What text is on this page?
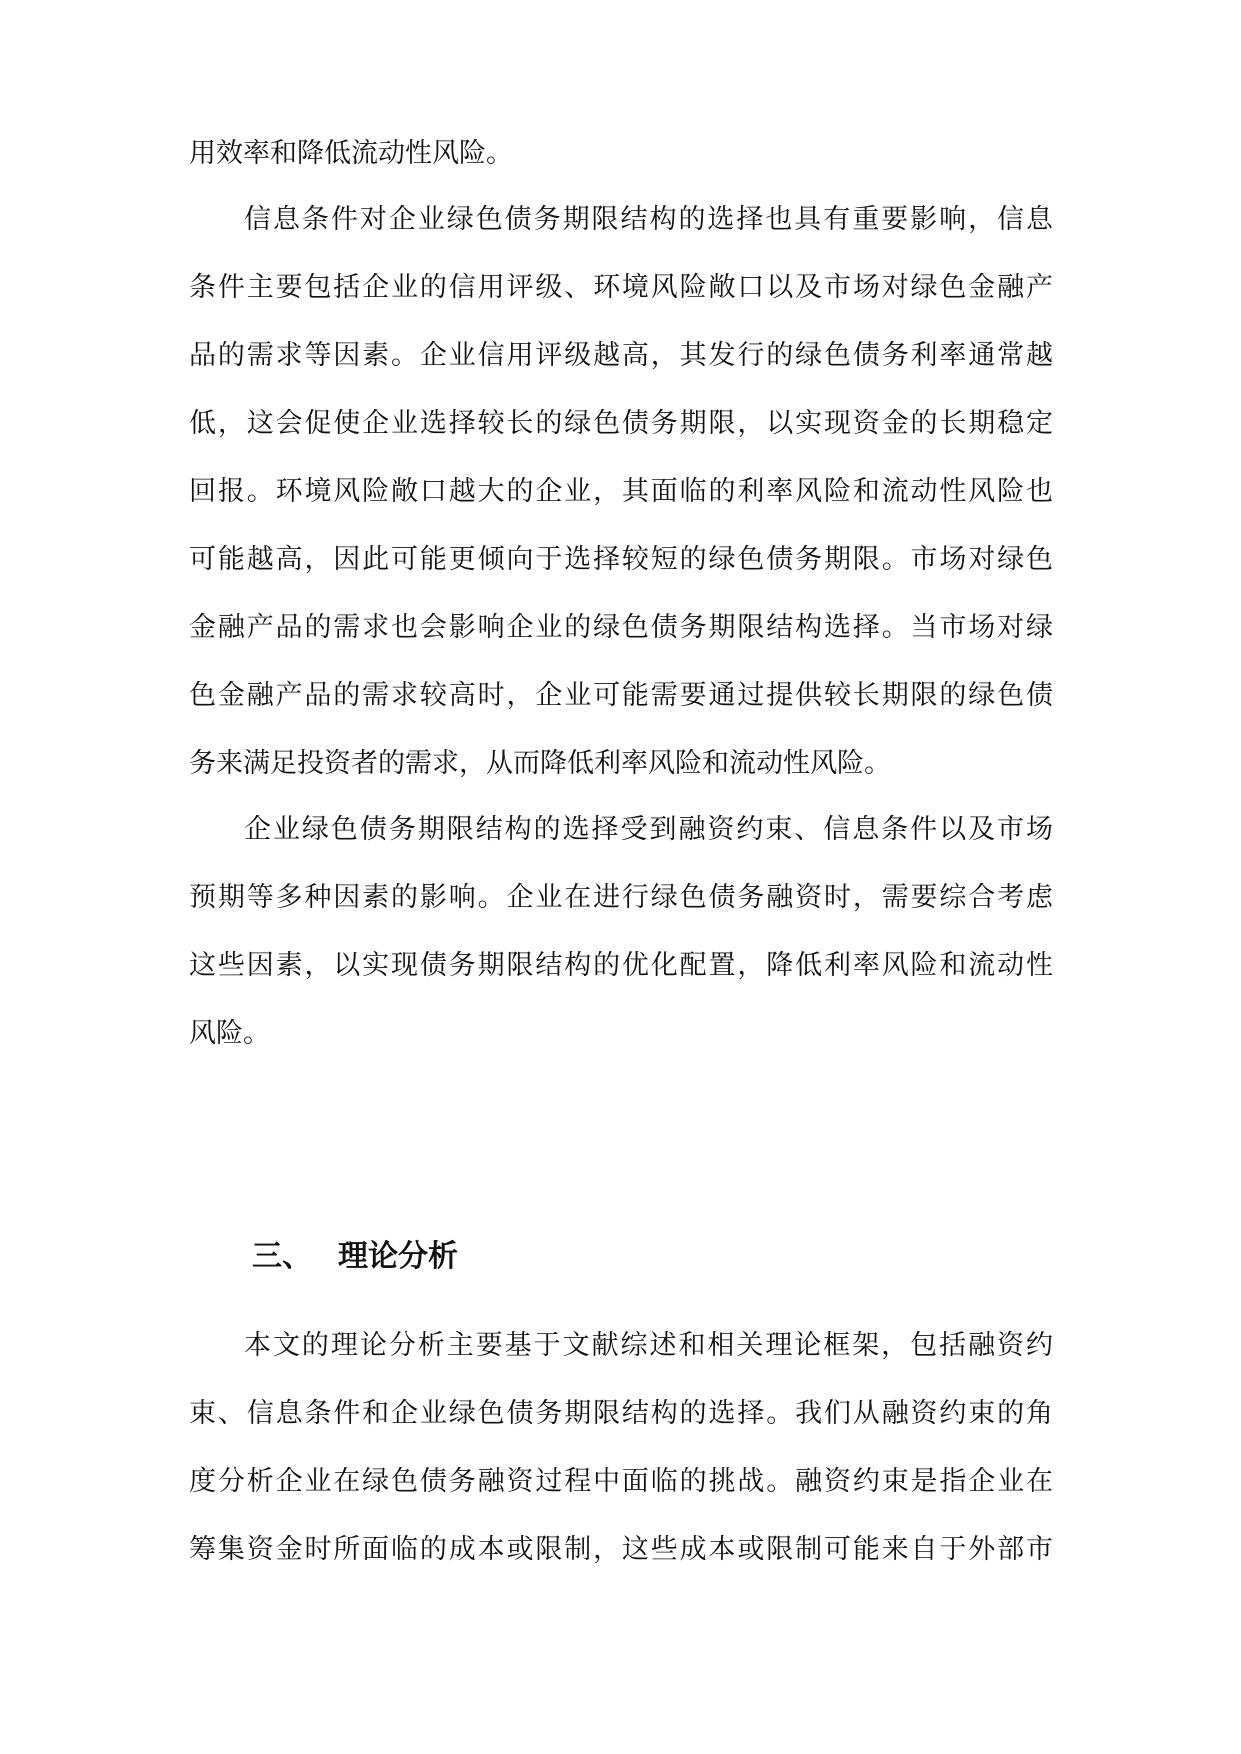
用效率和降低流动性风险。
信息条件对企业绿色债务期限结构的选择也具有重要影响，信息
条件主要包括企业的信用评级、环境风险敞口以及市场对绿色金融产
品的需求等因素。企业信用评级越高，其发行的绿色债务利率通常越
低，这会促使企业选择较长的绿色债务期限，以实现资金的长期稳定
回报。环境风险敞口越大的企业，其面临的利率风险和流动性风险也
可能越高，因此可能更倾向于选择较短的绿色债务期限。市场对绿色
金融产品的需求也会影响企业的绿色债务期限结构选择。当市场对绿
色金融产品的需求较高时，企业可能需要通过提供较长期限的绿色债
务来满足投资者的需求，从而降低利率风险和流动性风险。
企业绿色债务期限结构的选择受到融资约束、信息条件以及市场
预期等多种因素的影响。企业在进行绿色债务融资时，需要综合考虑
这些因素，以实现债务期限结构的优化配置，降低利率风险和流动性
风险。
三、 理论分析
本文的理论分析主要基于文献综述和相关理论框架，包括融资约
束、信息条件和企业绿色债务期限结构的选择。我们从融资约束的角
度分析企业在绿色债务融资过程中面临的挑战。融资约束是指企业在
筹集资金时所面临的成本或限制，这些成本或限制可能来自于外部市
